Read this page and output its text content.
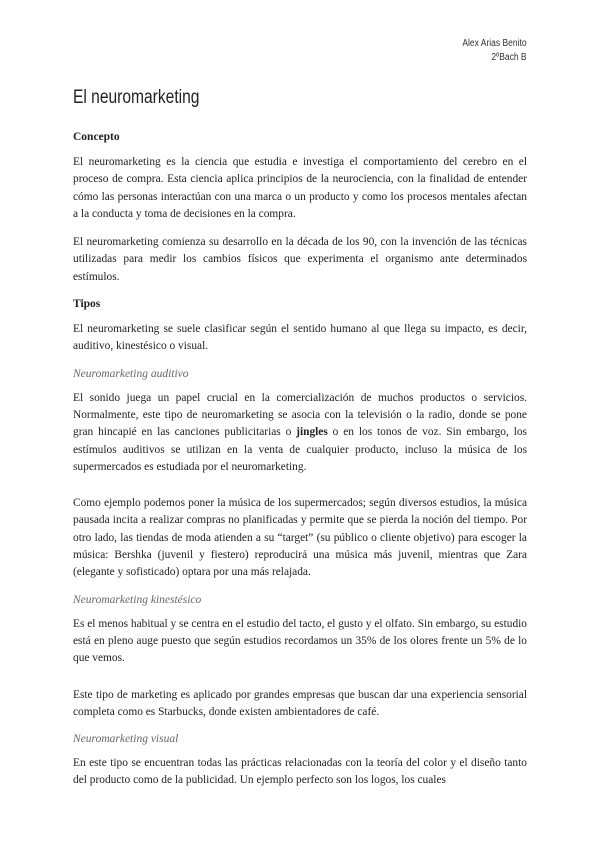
Alex Arias Benito
2ºBach B
El neuromarketing
Concepto

El neuromarketing es la ciencia que estudia e investiga el comportamiento del cerebro en el proceso de compra. Esta ciencia aplica principios de la neurociencia, con la finalidad de entender cómo las personas interactúan con una marca o un producto y como los procesos mentales afectan a la conducta y toma de decisiones en la compra.

El neuromarketing comienza su desarrollo en la década de los 90, con la invención de las técnicas utilizadas para medir los cambios físicos que experimenta el organismo ante determinados estímulos.

Tipos

El neuromarketing se suele clasificar según el sentido humano al que llega su impacto, es decir, auditivo, kinestésico o visual.

Neuromarketing auditivo

El sonido juega un papel crucial en la comercialización de muchos productos o servicios. Normalmente, este tipo de neuromarketing se asocia con la televisión o la radio, donde se pone gran hincapié en las canciones publicitarias o jingles o en los tonos de voz. Sin embargo, los estímulos auditivos se utilizan en la venta de cualquier producto, incluso la música de los supermercados es estudiada por el neuromarketing.

Como ejemplo podemos poner la música de los supermercados; según diversos estudios, la música pausada incita a realizar compras no planificadas y permite que se pierda la noción del tiempo. Por otro lado, las tiendas de moda atienden a su “target” (su público o cliente objetivo) para escoger la música: Bershka (juvenil y fiestero) reproducirá una música más juvenil, mientras que Zara (elegante y sofisticado) optara por una más relajada.

Neuromarketing kinestésico

Es el menos habitual y se centra en el estudio del tacto, el gusto y el olfato. Sin embargo, su estudio está en pleno auge puesto que según estudios recordamos un 35% de los olores frente un 5% de lo que vemos.

Este tipo de marketing es aplicado por grandes empresas que buscan dar una experiencia sensorial completa como es Starbucks, donde existen ambientadores de café.

Neuromarketing visual

En este tipo se encuentran todas las prácticas relacionadas con la teoría del color y el diseño tanto del producto como de la publicidad. Un ejemplo perfecto son los logos, los cuales
